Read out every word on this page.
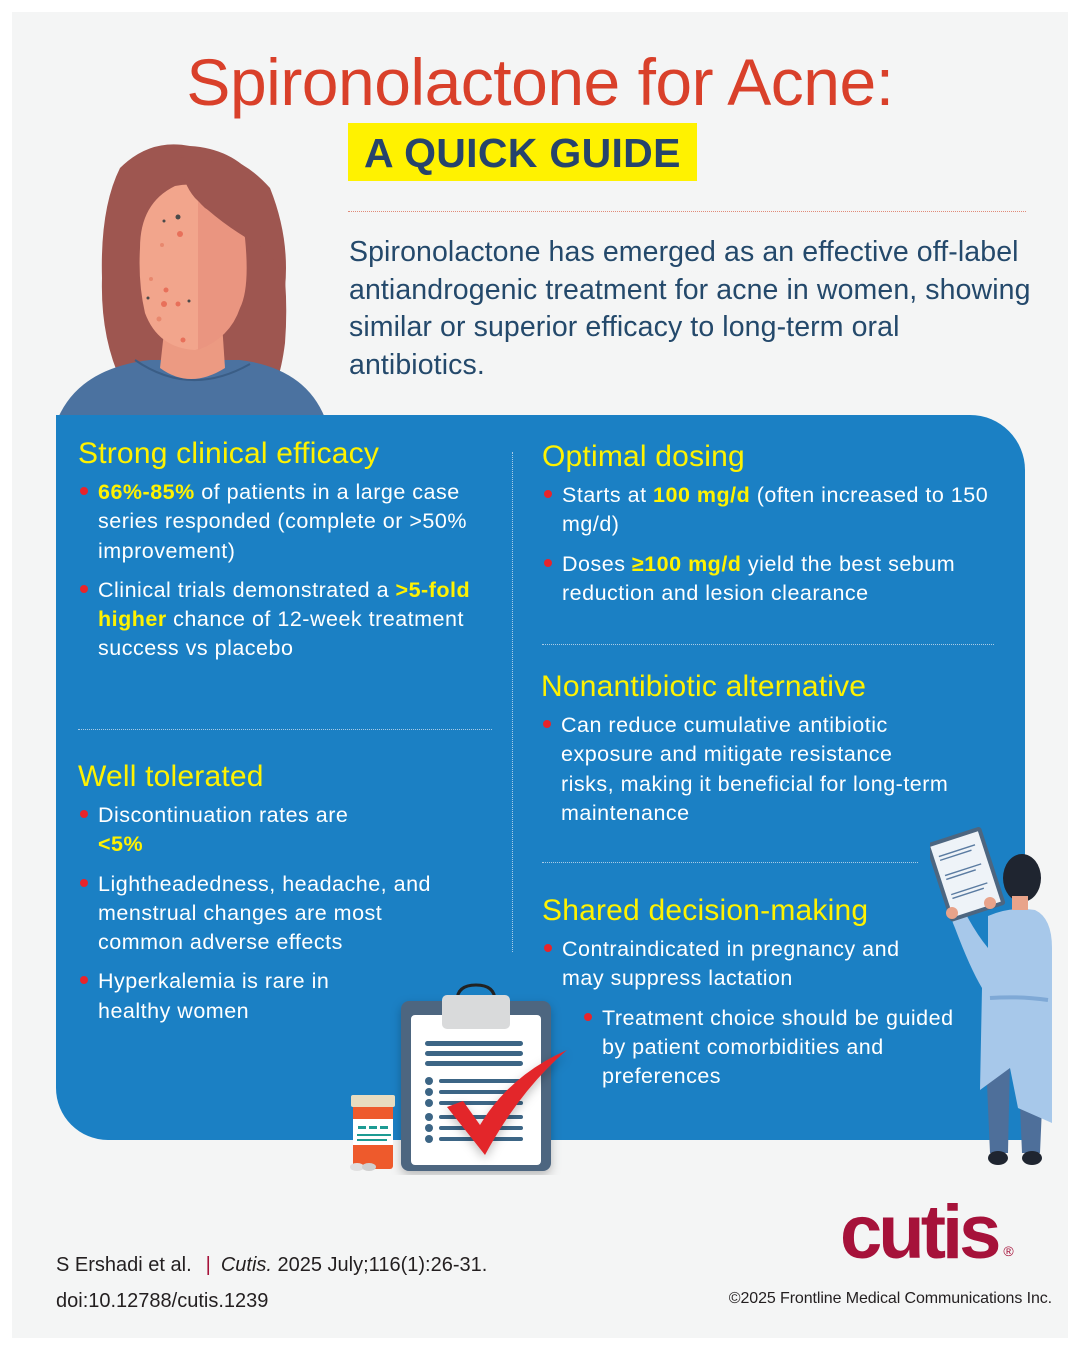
Spironolactone for Acne:
A QUICK GUIDE

Spironolactone has emerged as an effective off-label antiandrogenic treatment for acne in women, showing similar or superior efficacy to long-term oral antibiotics.

Strong clinical efficacy
66%-85% of patients in a large case series responded (complete or >50% improvement)
Clinical trials demonstrated a >5-fold higher chance of 12-week treatment success vs placebo
Well tolerated
Discontinuation rates are <5%
Lightheadedness, headache, and menstrual changes are most common adverse effects
Hyperkalemia is rare in healthy women
Optimal dosing
Starts at 100 mg/d (often increased to 150 mg/d)
Doses ≥100 mg/d yield the best sebum reduction and lesion clearance
Nonantibiotic alternative
Can reduce cumulative antibiotic exposure and mitigate resistance risks, making it beneficial for long-term maintenance
Shared decision-making
Contraindicated in pregnancy and may suppress lactation
Treatment choice should be guided by patient comorbidities and preferences
S Ershadi et al. | Cutis. 2025 July;116(1):26-31.
doi:10.12788/cutis.1239
cutis ®
©2025 Frontline Medical Communications Inc.
